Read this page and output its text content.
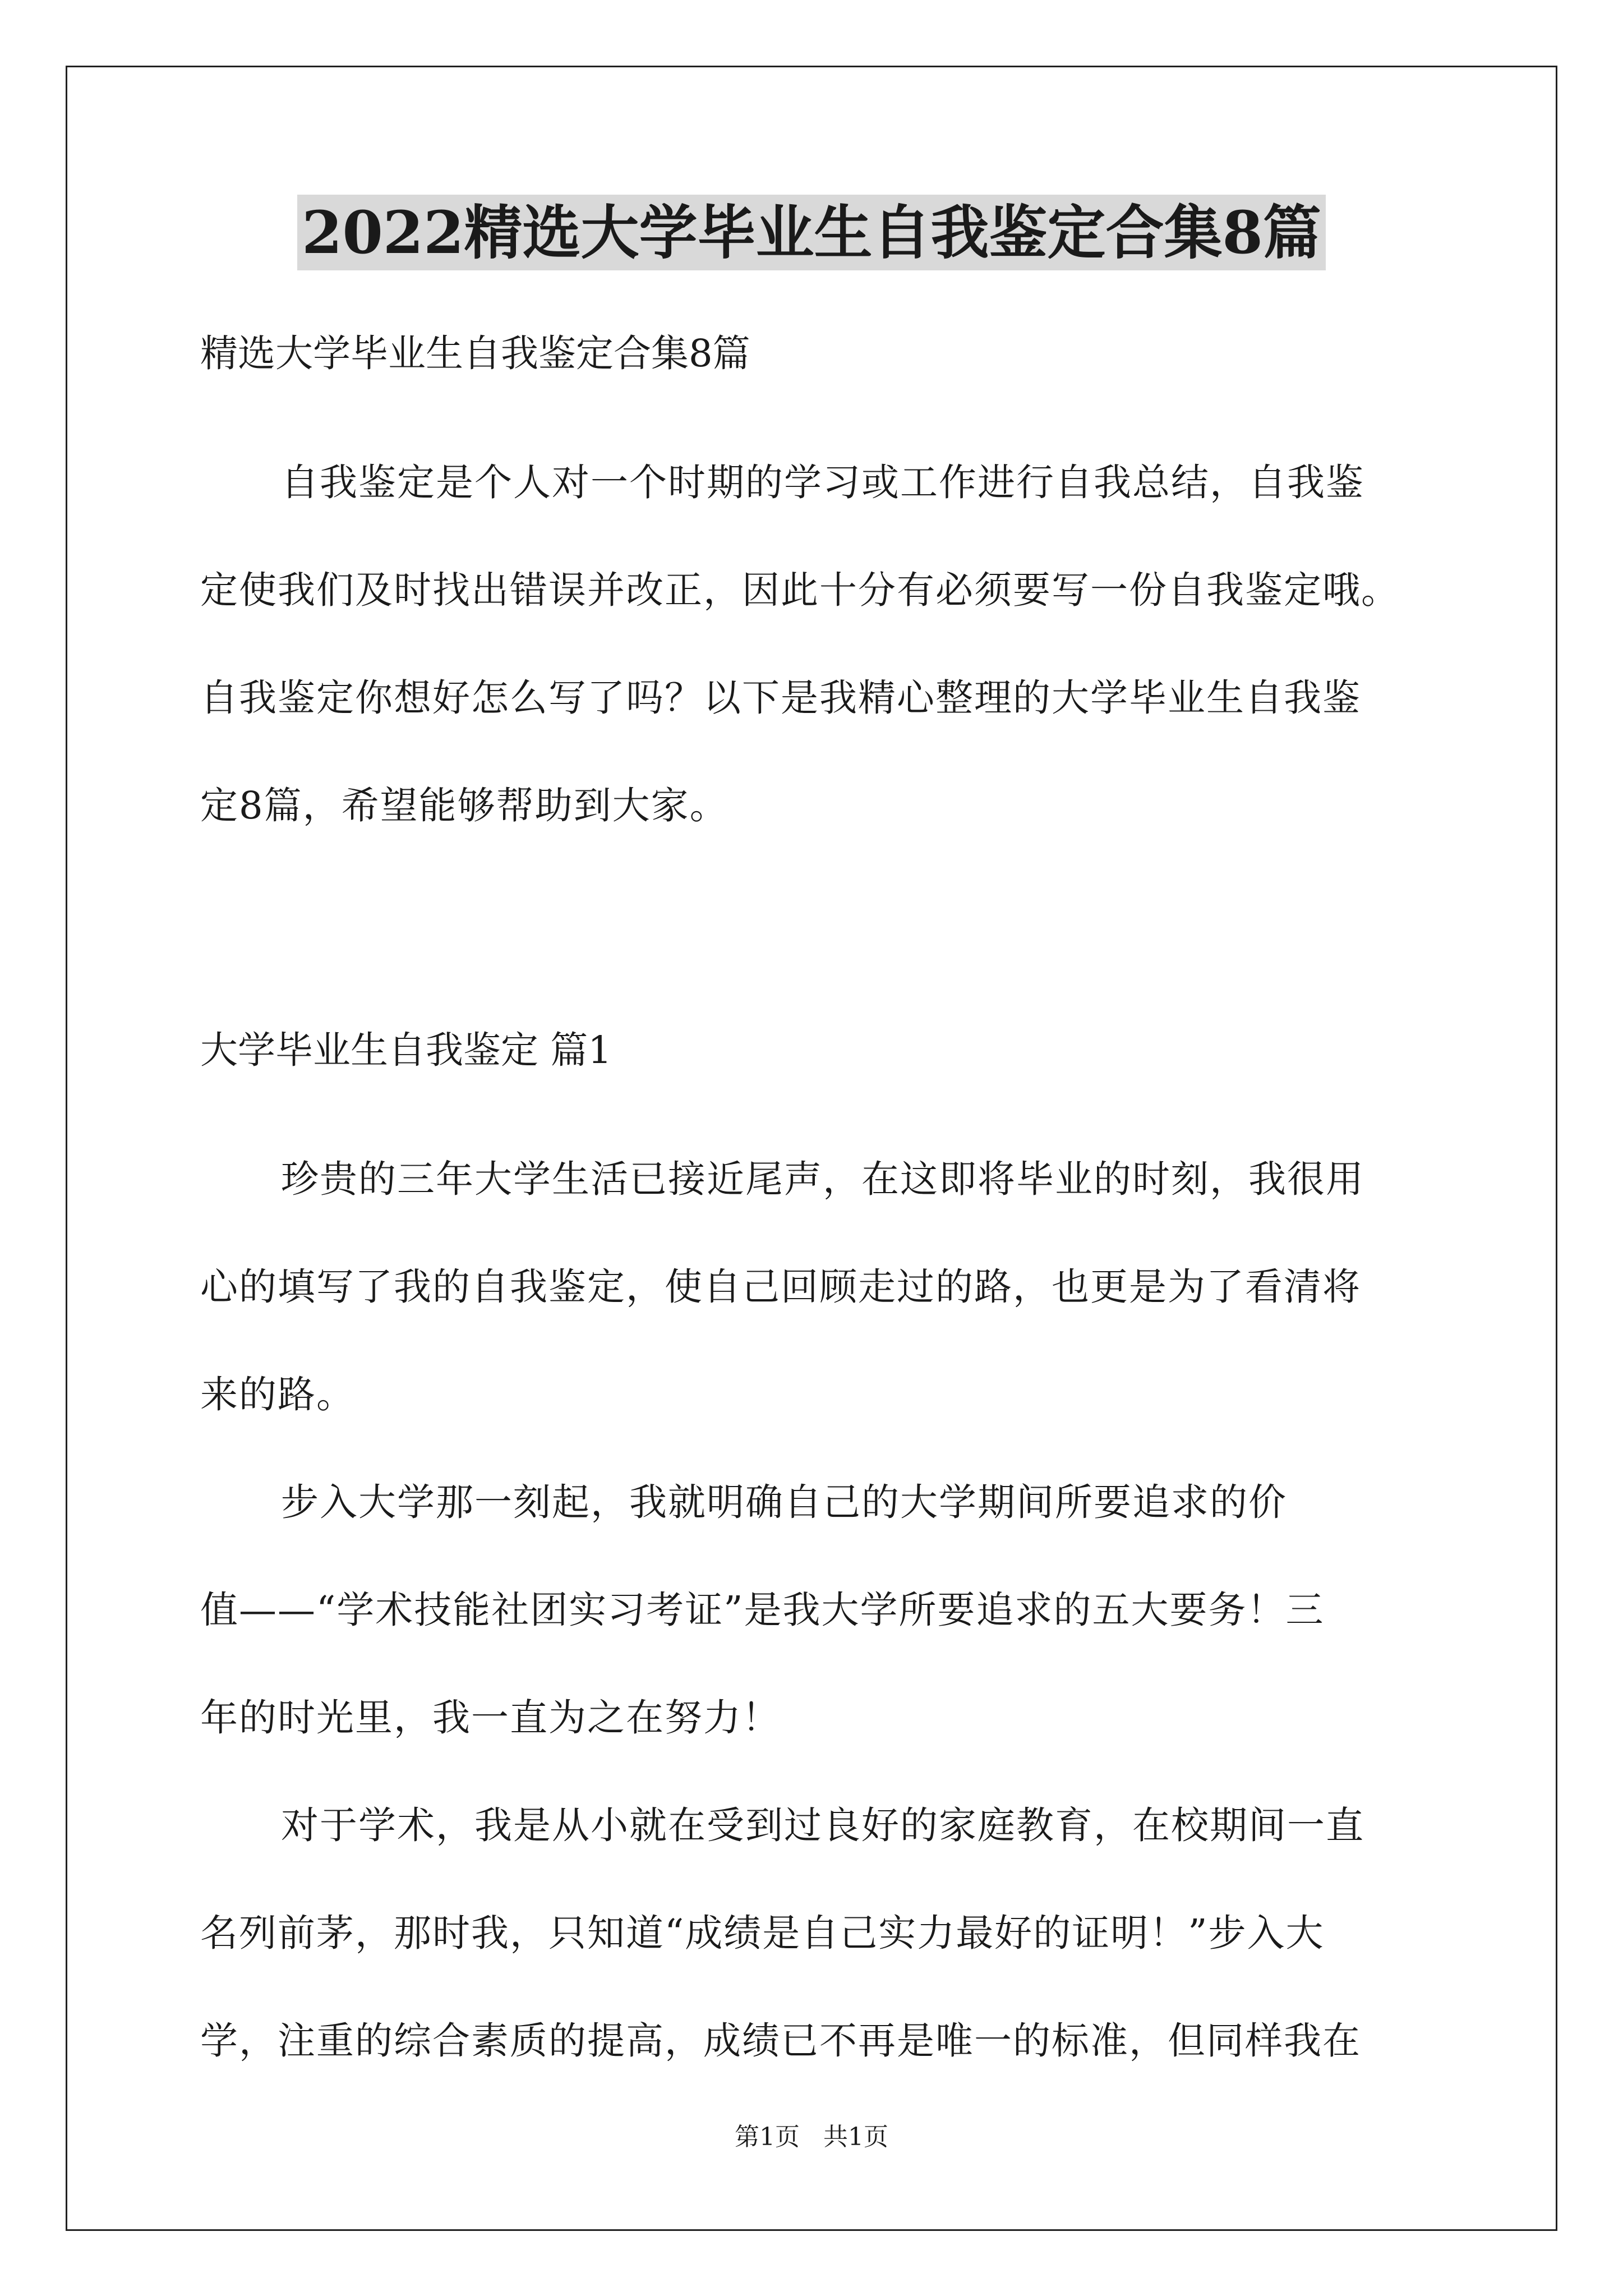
2022精选大学毕业生自我鉴定合集8篇
精选大学毕业生自我鉴定合集8篇

自我鉴定是个人对一个时期的学习或工作进行自我总结，自我鉴
定使我们及时找出错误并改正，因此十分有必须要写一份自我鉴定哦。
自我鉴定你想好怎么写了吗？以下是我精心整理的大学毕业生自我鉴
定8篇，希望能够帮助到大家。

大学毕业生自我鉴定 篇1

珍贵的三年大学生活已接近尾声，在这即将毕业的时刻，我很用
心的填写了我的自我鉴定，使自己回顾走过的路，也更是为了看清将
来的路。

步入大学那一刻起，我就明确自己的大学期间所要追求的价
值——“学术技能社团实习考证”是我大学所要追求的五大要务！三
年的时光里，我一直为之在努力！

对于学术，我是从小就在受到过良好的家庭教育，在校期间一直
名列前茅，那时我，只知道“成绩是自己实力最好的证明！”步入大
学，注重的综合素质的提高，成绩已不再是唯一的标准，但同样我在

第1页   共1页
